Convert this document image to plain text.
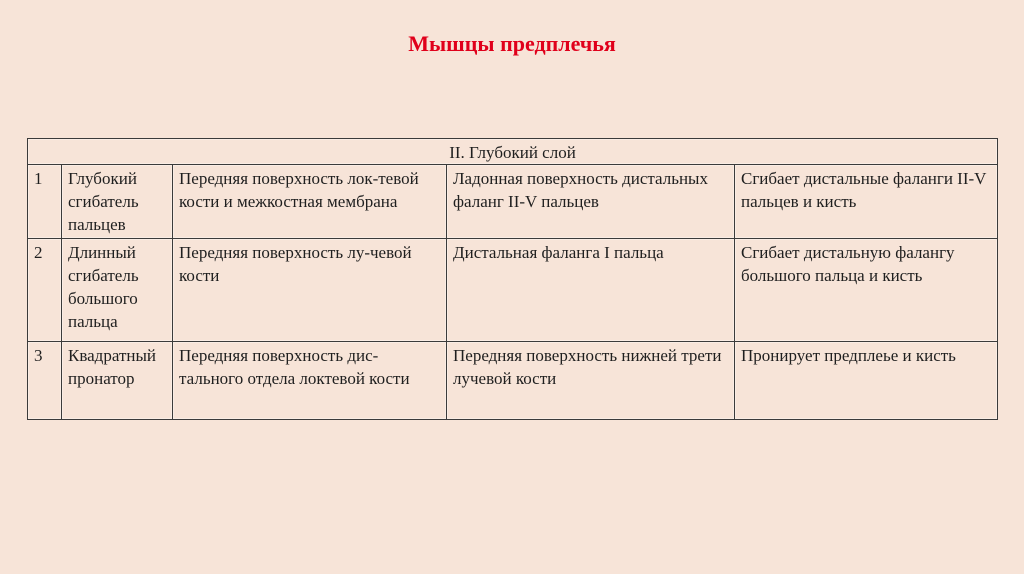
Мышцы предплечья
II. Глубокий слой				
1	Глубокий сгибатель пальцев	Передняя поверхность лок-тевой кости и межкостная мембрана	Ладонная поверхность дистальных фаланг II-V пальцев	Сгибает дистальные фаланги II-V пальцев и кисть
2	Длинный сгибатель большого пальца	Передняя поверхность лу-чевой кости	Дистальная фаланга I пальца	Сгибает дистальную фалангу большого пальца и кисть
3	Квадратный пронатор	Передняя поверхность дис-тального отдела локтевой кости	Передняя поверхность нижней трети лучевой кости	Пронирует предплеье и кисть
